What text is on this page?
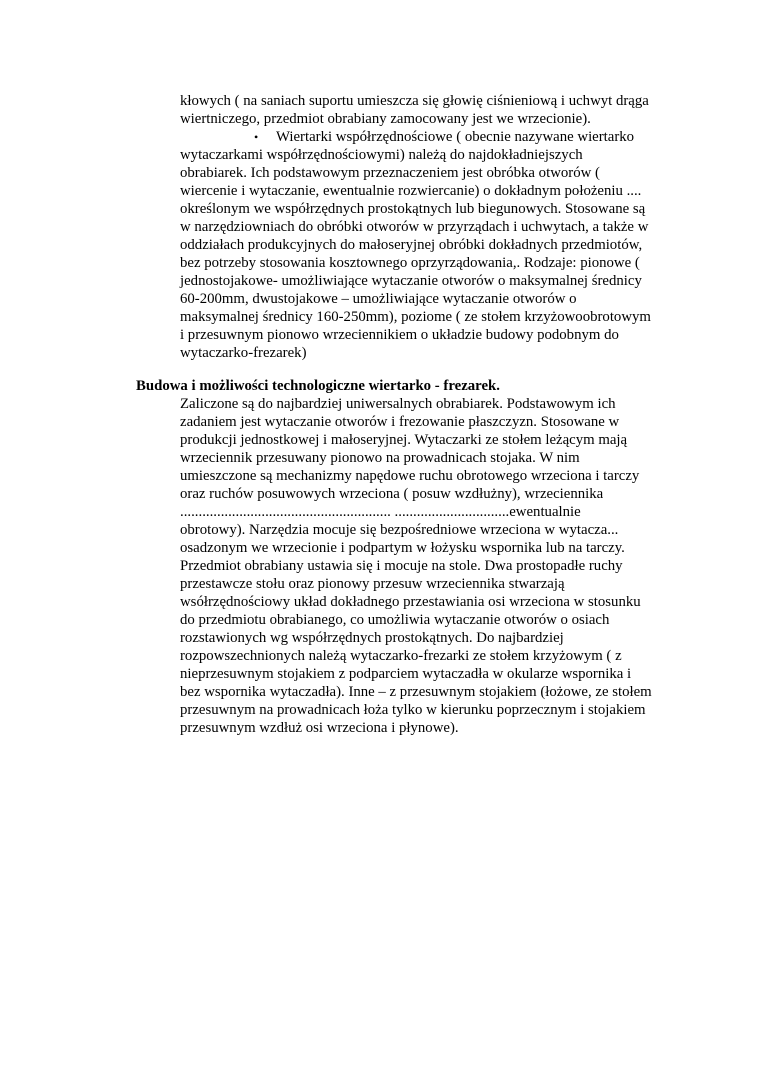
kłowych ( na saniach suportu umieszcza się głowię ciśnieniową i uchwyt drąga

wiertniczego, przedmiot obrabiany zamocowany jest we wrzecionie).

• Wiertarki współrzędnościowe ( obecnie nazywane wiertarko

wytaczarkami współrzędnościowymi) należą do najdokładniejszych

obrabiarek. Ich podstawowym przeznaczeniem jest obróbka otworów (

wiercenie i wytaczanie, ewentualnie rozwiercanie) o dokładnym położeniu ....

określonym we współrzędnych prostokątnych lub biegunowych. Stosowane są

w narzędziowniach do obróbki otworów w przyrządach i uchwytach, a także w

oddziałach produkcyjnych do małoseryjnej obróbki dokładnych przedmiotów,

bez potrzeby stosowania kosztownego oprzyrządowania,. Rodzaje: pionowe (

jednostojakowe- umożliwiające wytaczanie otworów o maksymalnej średnicy

60-200mm, dwustojakowe – umożliwiające wytaczanie otworów o

maksymalnej średnicy 160-250mm), poziome ( ze stołem krzyżowoobrotowym

i przesuwnym pionowo wrzeciennikiem o układzie budowy podobnym do

wytaczarko-frezarek)

Budowa i możliwości technologiczne wiertarko - frezarek.

Zaliczone są do najbardziej uniwersalnych obrabiarek. Podstawowym ich

zadaniem jest wytaczanie otworów i frezowanie płaszczyzn. Stosowane w

produkcji jednostkowej i małoseryjnej. Wytaczarki ze stołem leżącym mają

wrzeciennik przesuwany pionowo na prowadnicach stojaka. W nim

umieszczone są mechanizmy napędowe ruchu obrotowego wrzeciona i tarczy

oraz ruchów posuwowych wrzeciona ( posuw wzdłużny), wrzeciennika

......................................................... ...............................ewentualnie

obrotowy). Narzędzia mocuje się bezpośredniowe wrzeciona w wytacza...

osadzonym we wrzecionie i podpartym w łożysku wspornika lub na tarczy.

Przedmiot obrabiany ustawia się i mocuje na stole. Dwa prostopadłe ruchy

przestawcze stołu oraz pionowy przesuw wrzeciennika stwarzają

wsółrzędnościowy układ dokładnego przestawiania osi wrzeciona w stosunku

do przedmiotu obrabianego, co umożliwia wytaczanie otworów o osiach

rozstawionych wg współrzędnych prostokątnych. Do najbardziej

rozpowszechnionych należą wytaczarko-frezarki ze stołem krzyżowym ( z

nieprzesuwnym stojakiem z podparciem wytaczadła w okularze wspornika i

bez wspornika wytaczadła). Inne – z przesuwnym stojakiem (łożowe, ze stołem

przesuwnym na prowadnicach łoża tylko w kierunku poprzecznym i stojakiem

przesuwnym wzdłuż osi wrzeciona i płynowe).
